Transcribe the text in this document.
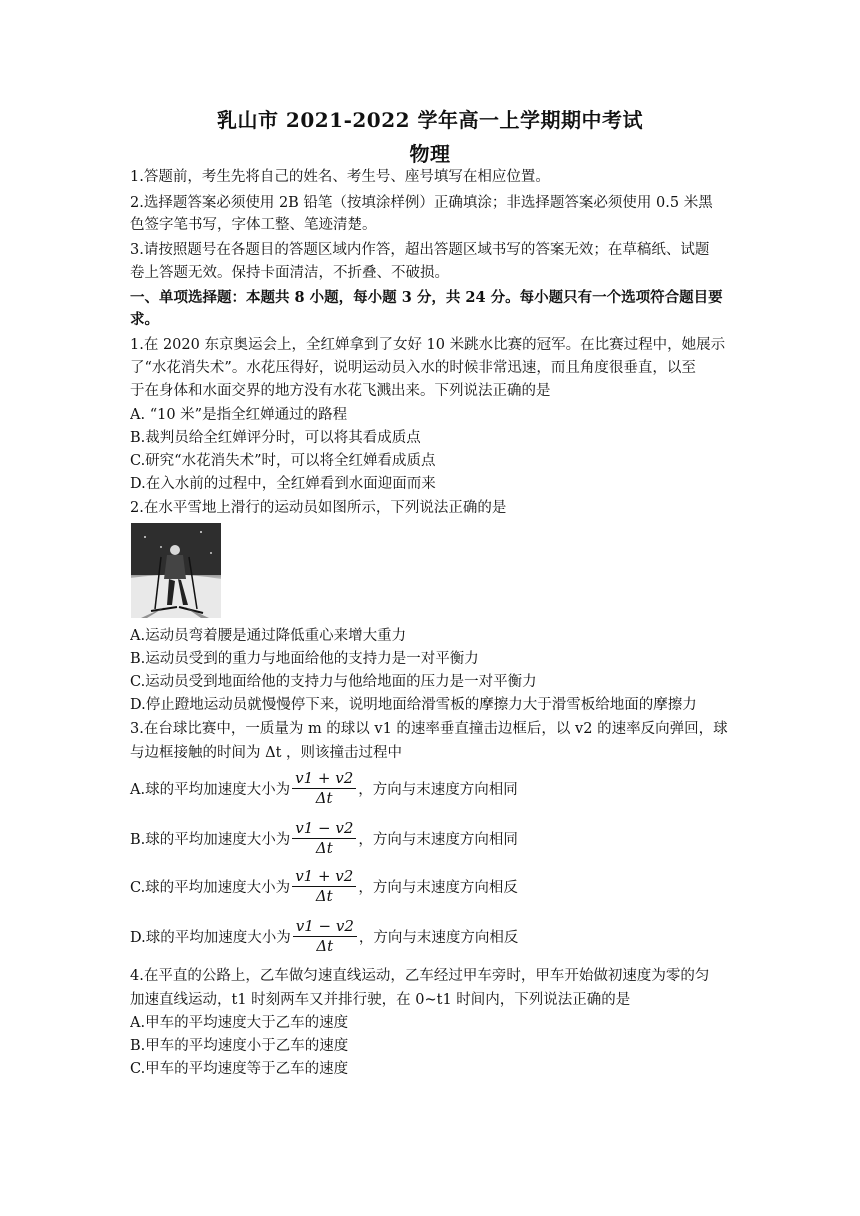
乳山市 2021-2022 学年高一上学期期中考试
物理
1.答题前，考生先将自己的姓名、考生号、座号填写在相应位置。
2.选择题答案必须使用 2B 铅笔（按填涂样例）正确填涂；非选择题答案必须使用 0.5 米黑
色签字笔书写，字体工整、笔迹清楚。
3.请按照题号在各题目的答题区域内作答，超出答题区域书写的答案无效；在草稿纸、试题
卷上答题无效。保持卡面清洁，不折叠、不破损。
一、单项选择题：本题共 8 小题，每小题 3 分，共 24 分。每小题只有一个选项符合题目要
求。
1.在 2020 东京奥运会上，全红婵拿到了女好 10 米跳水比赛的冠军。在比赛过程中，她展示
了“水花消失术”。水花压得好，说明运动员入水的时候非常迅速，而且角度很垂直，以至
于在身体和水面交界的地方没有水花飞溅出来。下列说法正确的是
A. “10 米”是指全红婵通过的路程
B.裁判员给全红婵评分时，可以将其看成质点
C.研究“水花消失术”时，可以将全红婵看成质点
D.在入水前的过程中，全红婵看到水面迎面而来
2.在水平雪地上滑行的运动员如图所示，下列说法正确的是
A.运动员弯着腰是通过降低重心来增大重力
B.运动员受到的重力与地面给他的支持力是一对平衡力
C.运动员受到地面给他的支持力与他给地面的压力是一对平衡力
D.停止蹬地运动员就慢慢停下来，说明地面给滑雪板的摩擦力大于滑雪板给地面的摩擦力
3.在台球比赛中，一质量为 m 的球以 v1 的速率垂直撞击边框后，以 v2 的速率反向弹回，球
与边框接触的时间为 Δt ，则该撞击过程中
A.球的平均加速度大小为 $\frac{v1 + v2}{\Delta t}$ ，方向与末速度方向相同
B.球的平均加速度大小为 $\frac{v1 - v2}{\Delta t}$ ，方向与末速度方向相同
C.球的平均加速度大小为 $\frac{v1 + v2}{\Delta t}$ ，方向与末速度方向相反
D.球的平均加速度大小为 $\frac{v1 - v2}{\Delta t}$ ，方向与末速度方向相反
4.在平直的公路上，乙车做匀速直线运动，乙车经过甲车旁时，甲车开始做初速度为零的匀
加速直线运动，t1 时刻两车又并排行驶，在 0~t1 时间内，下列说法正确的是
A.甲车的平均速度大于乙车的速度
B.甲车的平均速度小于乙车的速度
C.甲车的平均速度等于乙车的速度
